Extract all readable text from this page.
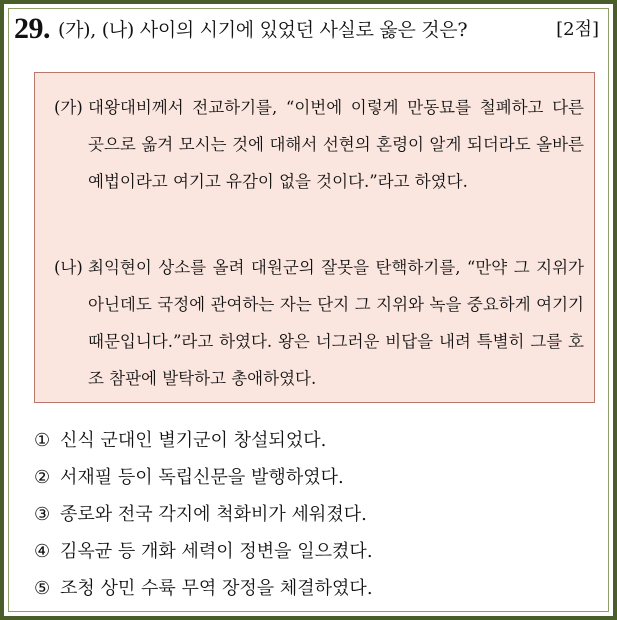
29. (가), (나) 사이의 시기에 있었던 사실로 옳은 것은?	[2점]
(가) 대왕대비께서 전교하기를, “이번에 이렇게 만동묘를 철폐하고 다른 곳으로 옮겨 모시는 것에 대해서 선현의 혼령이 알게 되더라도 올바른 예법이라고 여기고 유감이 없을 것이다.”라고 하였다.
(나) 최익현이 상소를 올려 대원군의 잘못을 탄핵하기를, “만약 그 지위가 아닌데도 국정에 관여하는 자는 단지 그 지위와 녹을 중요하게 여기기 때문입니다.”라고 하였다. 왕은 너그러운 비답을 내려 특별히 그를 호조 참판에 발탁하고 총애하였다.
① 신식 군대인 별기군이 창설되었다.
② 서재필 등이 독립신문을 발행하였다.
③ 종로와 전국 각지에 척화비가 세워졌다.
④ 김옥균 등 개화 세력이 정변을 일으켰다.
⑤ 조청 상민 수륙 무역 장정을 체결하였다.
